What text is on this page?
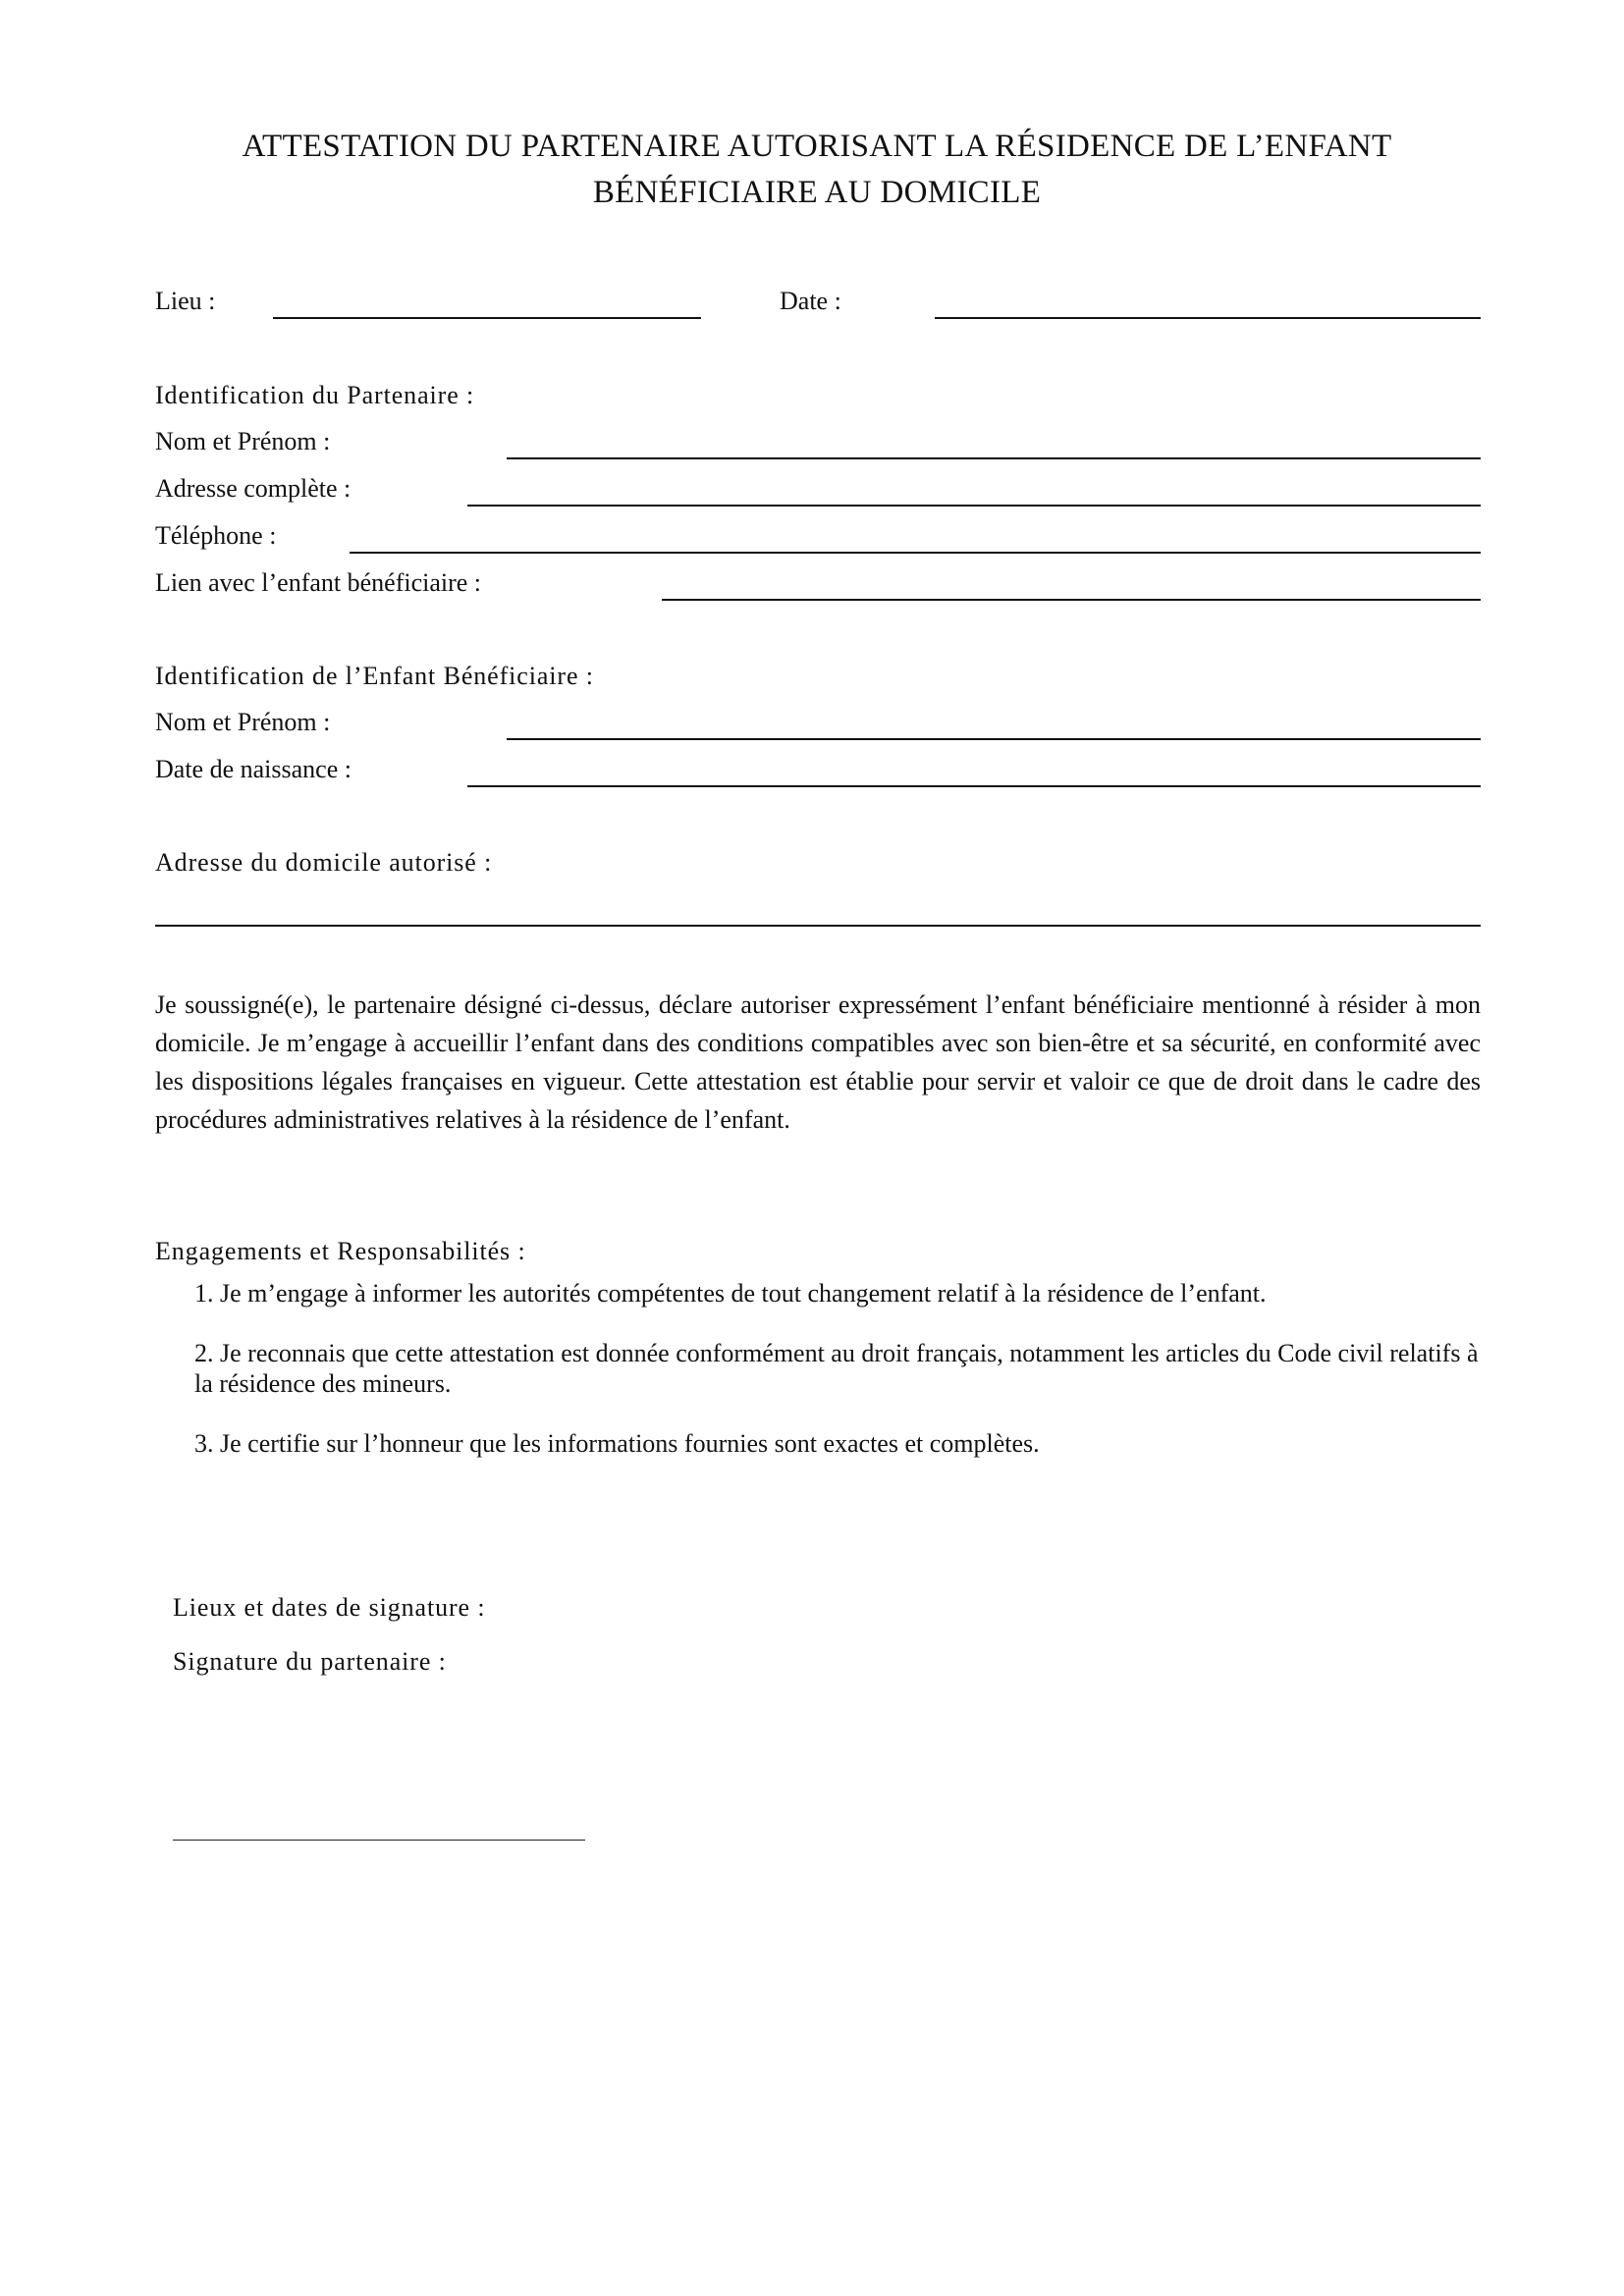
ATTESTATION DU PARTENAIRE AUTORISANT LA RÉSIDENCE DE L’ENFANT
BÉNÉFICIAIRE AU DOMICILE
Lieu :	Date :
Identification du Partenaire :
Nom et Prénom :
Adresse complète :
Téléphone :
Lien avec l’enfant bénéficiaire :
Identification de l’Enfant Bénéficiaire :
Nom et Prénom :
Date de naissance :
Adresse du domicile autorisé :

Je soussigné(e), le partenaire désigné ci-dessus, déclare autoriser expressément l’enfant bénéficiaire mentionné à résider à mon domicile. Je m’engage à accueillir l’enfant dans des conditions compatibles avec son bien-être et sa sécurité, en conformité avec les dispositions légales françaises en vigueur. Cette attestation est établie pour servir et valoir ce que de droit dans le cadre des procédures administratives relatives à la résidence de l’enfant.

Engagements et Responsabilités :
1. Je m’engage à informer les autorités compétentes de tout changement relatif à la résidence de l’enfant.
2. Je reconnais que cette attestation est donnée conformément au droit français, notamment les articles du Code civil relatifs à la résidence des mineurs.
3. Je certifie sur l’honneur que les informations fournies sont exactes et complètes.
Lieux et dates de signature :
Signature du partenaire :
